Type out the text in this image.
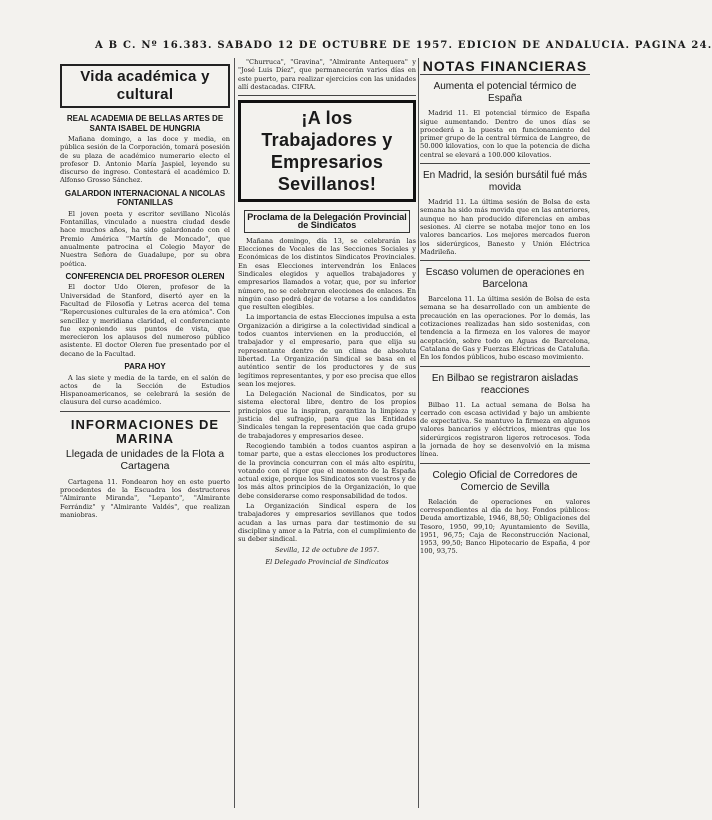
A B C. Nº 16.383. SABADO 12 DE OCTUBRE DE 1957. EDICION DE ANDALUCIA. PAGINA 24.
Vida académica y cultural
REAL ACADEMIA DE BELLAS ARTES DE SANTA ISABEL DE HUNGRIA
Mañana domingo, a las doce y media, en pública sesión de la Corporación, tomará posesión de su plaza de académico numerario electo el profesor D. Antonio María Jaspiel, leyendo su discurso de ingreso. Contestará el académico D. Alfonso Grosso Sánchez.
GALARDON INTERNACIONAL A NICOLAS FONTANILLAS
El joven poeta y escritor sevillano Nicolás Fontanillas, vinculado a nuestra ciudad desde hace muchos años, ha sido galardonado con el Premio América "Martín de Moncado", que anualmente patrocina el Colegio Mayor de Nuestra Señora de Guadalupe, por su obra poética.
CONFERENCIA DEL PROFESOR OLEREN
El doctor Udo Oleren, profesor de la Universidad de Stanford, disertó ayer en la Facultad de Filosofía y Letras acerca del tema "Repercusiones culturales de la era atómica". Con sencillez y meridiana claridad, el conferenciante fue exponiendo sus puntos de vista, que merecieron los aplausos del numeroso público asistente. El doctor Oleren fue presentado por el decano de la Facultad.
PARA HOY
A las siete y media de la tarde, en el salón de actos de la Sección de Estudios Hispanoamericanos, se celebrará la sesión de clausura del curso académico.
INFORMACIONES DE MARINA
Llegada de unidades de la Flota a Cartagena
Cartagena 11. Fondearon hoy en este puerto procedentes de la Escuadra los destructores "Almirante Miranda", "Lepanto", "Almirante Ferrándiz" y "Almirante Valdés", que realizan maniobras.
"Churruca", "Gravina", "Almirante Antequera" y "José Luis Díez", que permanecerán varios días en este puerto, para realizar ejercicios con las unidades allí destacadas. CIFRA.
¡A los Trabajadores y Empresarios Sevillanos!
Proclama de la Delegación Provincial de Sindicatos
Mañana domingo, día 13, se celebrarán las Elecciones de Vocales de las Secciones Sociales y Económicas de los distintos Sindicatos Provinciales. En esas Elecciones intervendrán los Enlaces Sindicales elegidos y aquellos trabajadores y empresarios llamados a votar, que, por su inferior número, no se celebraron elecciones de enlaces. En ningún caso podrá dejar de votarse a los candidatos que resulten elegibles.
La importancia de estas Elecciones impulsa a esta Organización a dirigirse a la colectividad sindical a todos cuantos intervienen en la producción, el trabajador y el empresario, para que elija su representante dentro de un clima de absoluta libertad. La Organización Sindical se basa en el auténtico sentir de los productores y de sus legítimos representantes, y por eso precisa que ellos sean los mejores.
La Delegación Nacional de Sindicatos, por su sistema electoral libre, dentro de los propios principios que la inspiran, garantiza la limpieza y justicia del sufragio, para que las Entidades Sindicales tengan la representación que cada grupo de trabajadores y empresarios desee.
Recogiendo también a todos cuantos aspiran a tomar parte, que a estas elecciones los productores de la provincia concurran con el más alto espíritu, votando con el rigor que el momento de la España actual exige, porque los Sindicatos son vuestros y de los más altos principios de la Organización, lo que debe considerarse como responsabilidad de todos.
La Organización Sindical espera de los trabajadores y empresarios sevillanos que todos acudan a las urnas para dar testimonio de su disciplina y amor a la Patria, con el cumplimiento de su deber sindical.
Sevilla, 12 de octubre de 1957.
El Delegado Provincial de Sindicatos
NOTAS FINANCIERAS
Aumenta el potencial térmico de España
Madrid 11. El potencial térmico de España sigue aumentando. Dentro de unos días se procederá a la puesta en funcionamiento del primer grupo de la central térmica de Langreo, de 50.000 kilovatios, con lo que la potencia de dicha central se elevará a 100.000 kilovatios.
En Madrid, la sesión bursátil fué más movida
Madrid 11. La última sesión de Bolsa de esta semana ha sido más movida que en las anteriores, aunque no han producido diferencias en ambas sesiones. Al cierre se notaba mejor tono en los valores bancarios. Los mejores mercados fueron los siderúrgicos, Banesto y Unión Eléctrica Madrileña.
Escaso volumen de operaciones en Barcelona
Barcelona 11. La última sesión de Bolsa de esta semana se ha desarrollado con un ambiente de precaución en las operaciones. Por lo demás, las cotizaciones realizadas han sido sostenidas, con tendencia a la firmeza en los valores de mayor aceptación, sobre todo en Aguas de Barcelona, Catalana de Gas y Fuerzas Eléctricas de Cataluña. En los fondos públicos, hubo escaso movimiento.
En Bilbao se registraron aisladas reacciones
Bilbao 11. La actual semana de Bolsa ha cerrado con escasa actividad y bajo un ambiente de expectativa. Se mantuvo la firmeza en algunos valores bancarios y eléctricos, mientras que los siderúrgicos registraron ligeros retrocesos. Toda la jornada de hoy se desenvolvió en la misma línea.
Colegio Oficial de Corredores de Comercio de Sevilla
Relación de operaciones en valores correspondientes al día de hoy. Fondos públicos: Deuda amortizable, 1946, 88,50; Obligaciones del Tesoro, 1950, 99,10; Ayuntamiento de Sevilla, 1951, 96,75; Caja de Reconstrucción Nacional, 1953, 99,50; Banco Hipotecario de España, 4 por 100, 93,75.
